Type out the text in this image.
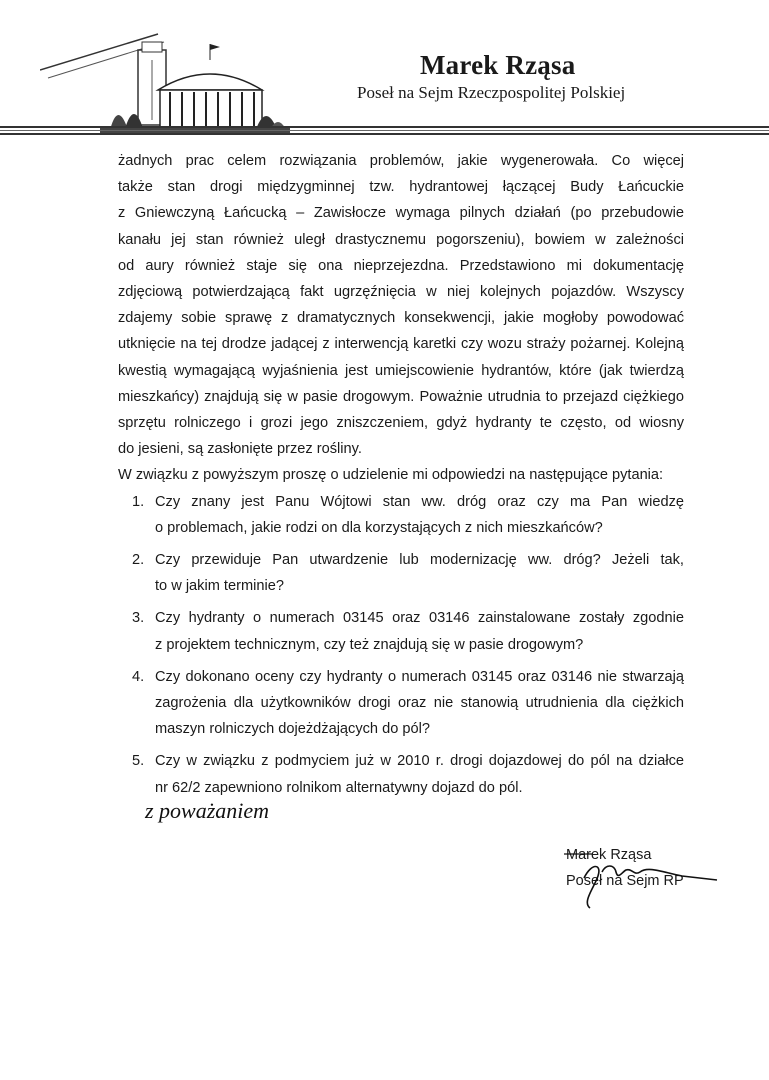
Marek Rząsa
Poseł na Sejm Rzeczpospolitej Polskiej
żadnych prac celem rozwiązania problemów, jakie wygenerowała. Co więcej
także stan drogi międzygminnej tzw. hydrantowej łączącej Budy Łańcuckie
z Gniewczyną Łańcucką – Zawisłocze wymaga pilnych działań (po przebudowie
kanału jej stan również uległ drastycznemu pogorszeniu), bowiem w zależności
od aury również staje się ona nieprzejezdna. Przedstawiono mi dokumentację
zdjęciową potwierdzającą fakt ugrzęźnięcia w niej kolejnych pojazdów. Wszyscy
zdajemy sobie sprawę z dramatycznych konsekwencji, jakie mogłoby powodować
utknięcie na tej drodze jadącej z interwencją karetki czy wozu straży pożarnej. Kolejną
kwestią wymagającą wyjaśnienia jest umiejscowienie hydrantów, które (jak twierdzą
mieszkańcy) znajdują się w pasie drogowym. Poważnie utrudnia to przejazd ciężkiego
sprzętu rolniczego i grozi jego zniszczeniem, gdyż hydranty te często, od wiosny
do jesieni, są zasłonięte przez rośliny.

W związku z powyższym proszę o udzielenie mi odpowiedzi na następujące pytania:

1. Czy znany jest Panu Wójtowi stan ww. dróg oraz czy ma Pan wiedzę
o problemach, jakie rodzi on dla korzystających z nich mieszkańców?
2. Czy przewiduje Pan utwardzenie lub modernizację ww. dróg? Jeżeli tak,
to w jakim terminie?
3. Czy hydranty o numerach 03145 oraz 03146 zainstalowane zostały zgodnie
z projektem technicznym, czy też znajdują się w pasie drogowym?
4. Czy dokonano oceny czy hydranty o numerach 03145 oraz 03146 nie stwarzają
zagrożenia dla użytkowników drogi oraz nie stanowią utrudnienia dla ciężkich
maszyn rolniczych dojeżdżających do pól?
5. Czy w związku z podmyciem już w 2010 r. drogi dojazdowej do pól na działce
nr 62/2 zapewniono rolnikom alternatywny dojazd do pól.
z poważaniem
Marek Rząsa
Poseł na Sejm RP
